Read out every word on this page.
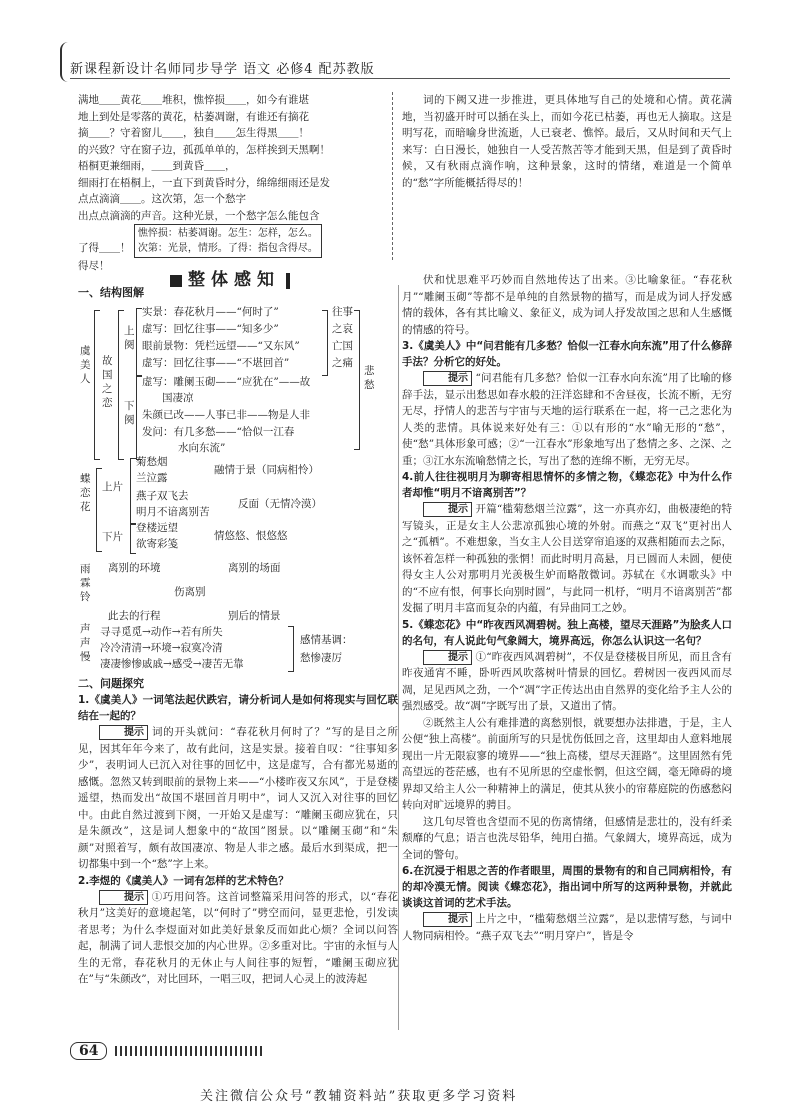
新课程新设计名师同步导学 语文 必修4 配苏教版
满地＿＿黄花＿＿堆积，憔悴损＿＿，如今有谁堪
地上到处是零落的黄花，枯萎凋谢，有谁还有摘花
摘＿＿？守着窗儿＿＿，独自＿＿怎生得黑＿＿！
的兴致？守在窗子边，孤孤单单的，怎样挨到天黑啊！
梧桐更兼细雨，＿＿到黄昏＿＿，
细雨打在梧桐上，一直下到黄昏时分，绵绵细雨还是发
点点滴滴＿＿。这次第，怎一个愁字
出点点滴滴的声音。这种光景，一个愁字怎么能包含
了得＿＿！ 憔悴损：枯萎凋谢。怎生：怎样，怎么。
次第：光景，情形。了得：指包含得尽。
得尽！
词的下阙又进一步推进，更具体地写自己的处境和心情。黄花满地，当初盛开时可以插在头上，而如今花已枯萎，再也无人摘取。这是明写花，而暗喻身世流逝，人已衰老、憔悴。最后，又从时间和天气上来写：白日漫长，她独自一人受苦熬苦等才能到天黑，但是到了黄昏时候，又有秋雨点滴作响，这种景象，这时的情绪，难道是一个简单的“愁”字所能概括得尽的！
整体感知
一、结构图解
虞美人
故国之恋
上阕
实景：春花秋月——“何时了”
虚写：回忆往事——“知多少”
眼前景物：凭栏远望——“又东风”
虚写：回忆往事——“不堪回首”
下阕
虚写：雕阑玉砌——“应犹在”——故
国凄凉
朱颜已改——人事已非——物是人非
发问：有几多愁——“恰似一江春
水向东流”
往事
之哀
亡国
之痛
悲愁
蝶恋花
上片
菊愁烟
兰泣露
燕子双飞去
明月不谙离别苦
融情于景（同病相怜）
反面（无情冷漠）
下片
登楼远望
欲寄彩笺
情悠悠、恨悠悠
雨霖铃
离别的环境	离别的场面
伤离别
此去的行程	别后的情景
声声慢
寻寻觅觅→动作→若有所失
冷冷清清→环境→寂寞冷清
凄凄惨惨戚戚→感受→凄苦无靠
感情基调：
愁惨凄厉
二、问题探究
1.《虞美人》一词笔法起伏跌宕，请分析词人是如何将现实与回忆联结在一起的？
提示 词的开头就问：“春花秋月何时了？”写的是目之所见，因其年年今来了，故有此问，这是实景。接着自叹：“往事知多少”，表明词人已沉入对往事的回忆中，这是虚写，合有都光易逝的感慨。忽然又转到眼前的景物上来——“小楼昨夜又东风”，于是登楼遥望，热而发出“故国不堪回首月明中”，词人又沉入对往事的回忆中。由此自然过渡到下阕，一开始又是虚写：“雕阑玉砌应犹在，只是朱颜改”，这是词人想象中的“故国”图景。以“雕阑玉砌”和“朱颜”对照着写，颇有故国凄凉、物是人非之感。最后水到渠成，把一切都集中到一个“愁”字上来。
2.李煜的《虞美人》一词有怎样的艺术特色？
提示 ①巧用问答。这首词整篇采用问答的形式，以“春花秋月”这美好的意境起笔，以“何时了”劈空而问，显更悲怆，引发读者思考；为什么李煜面对如此美好景象反而如此心烦？全词以问答起，制满了词人悲恨交加的内心世界。②多重对比。宇宙的永恒与人生的无常，春花秋月的无休止与人间往事的短暂，“雕阑玉砌应犹在”与“朱颜改”，对比回环，一唱三叹，把词人心灵上的波涛起
伏和忧思难平巧妙而自然地传达了出来。③比喻象征。“春花秋月”“雕阑玉砌”等都不是单纯的自然景物的描写，而是成为词人抒发感情的载体，各有其比喻义、象征义，成为词人抒发故国之思和人生感慨的情感的符号。
3.《虞美人》中“问君能有几多愁？恰似一江春水向东流”用了什么修辞手法？分析它的好处。
提示 “问君能有几多愁？恰似一江春水向东流”用了比喻的修辞手法，显示出愁思如春水般的汪洋恣肆和不舍昼夜，长流不断，无穷无尽，抒情人的悲苦与宇宙与天地的运行联系在一起，将一己之悲化为人类的悲情。具体说来好处有三：①以有形的“水”喻无形的“愁”，使“愁”具体形象可感；②“一江春水”形象地写出了愁情之多、之深、之重；③江水东流喻愁情之长，写出了愁的连绵不断，无穷无尽。
4.前人往往视明月为聊寄相思情怀的多情之物，《蝶恋花》中为什么作者却惟“明月不谙离别苦”？
提示 开篇“槛菊愁烟兰泣露”，这一亦真亦幻，曲极凄绝的特写镜头，正是女主人公悲凉孤独心境的外射。而燕之“双飞”更衬出人之“孤栖”。不难想象，当女主人公目送穿帘追逐的双燕相随而去之际，该怀着怎样一种孤独的张惘！而此时明月高悬，月已圆而人未圆，便使得女主人公对那明月光羡极生妒而略散微词。苏轼在《水调歌头》中的“不应有恨，何事长向别时圆”，与此同一机杼，“明月不谙离别苦”都发掘了明月丰富而复杂的内蕴，有异曲同工之妙。
5.《蝶恋花》中“昨夜西风凋碧树。独上高楼，望尽天涯路”为脍炙人口的名句，有人说此句气象阔大，境界高远，你怎么认识这一名句？
提示 ①“昨夜西风凋碧树”，不仅是登楼极目所见，而且含有昨夜通宵不睡，卧听西风吹落树叶情景的回忆。碧树因一夜西风而尽凋，足见西风之劲，一个“凋”字正传达出由自然界的变化给予主人公的强烈感受。故“凋”字既写出了景，又道出了情。
②既然主人公有难排遣的离愁别恨，就要想办法排遣，于是，主人公便“独上高楼”。前面所写的只是忧伤低回之音，这里却由人意料地展现出一片无限寂寥的境界——“独上高楼，望尽天涯路”。这里固然有凭高望远的苍茫感，也有不见所思的空虚怅惘，但这空阔，毫无障碍的境界却又给主人公一种精神上的满足，使其从狭小的帘幕庭院的伤感愁闷转向对旷远境界的骋目。
这几句尽管也含望而不见的伤离情绪，但感情是悲壮的，没有纤柔颓靡的气息；语言也洗尽铅华，纯用白描。气象阔大，境界高远，成为全词的警句。
6.在沉浸于相思之苦的作者眼里，周围的景物有的和自己同病相怜，有的却冷漠无情。阅读《蝶恋花》，指出词中所写的这两种景物，并就此谈谈这首词的艺术手法。
提示 上片之中，“槛菊愁烟兰泣露”，是以悲情写愁，与词中人物同病相怜。“燕子双飞去”“明月穿户”，皆是令
64
关注微信公众号“教辅资料站”获取更多学习资料
